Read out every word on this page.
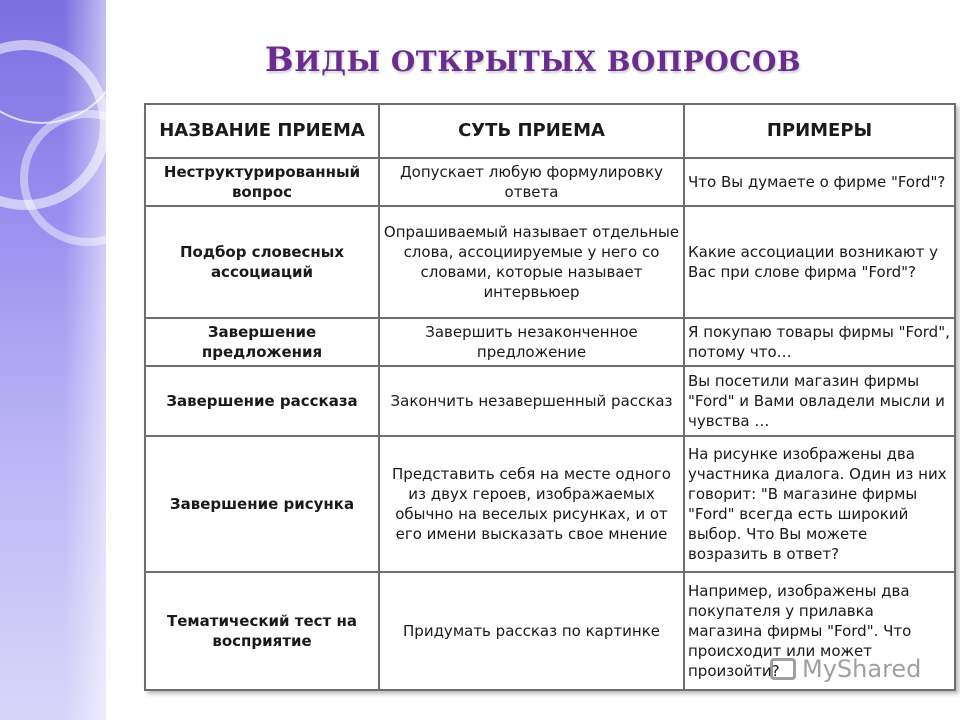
ВИДЫ ОТКРЫТЫХ ВОПРОСОВ
НАЗВАНИЕ ПРИЕМА	СУТЬ ПРИЕМА	ПРИМЕРЫ
Неструктурированный вопрос	Допускает любую формулировку ответа	Что Вы думаете о фирме "Ford"?
Подбор словесных ассоциаций	Опрашиваемый называет отдельные слова, ассоциируемые у него со словами, которые называет интервьюер	Какие ассоциации возникают у Вас при слове фирма "Ford"?
Завершение предложения	Завершить незаконченное предложение	Я покупаю товары фирмы "Ford", потому что…
Завершение рассказа	Закончить незавершенный рассказ	Вы посетили магазин фирмы "Ford" и Вами овладели мысли и чувства …
Завершение рисунка	Представить себя на месте одного из двух героев, изображаемых обычно на веселых рисунках, и от его имени высказать свое мнение	На рисунке изображены два участника диалога. Один из них говорит: "В магазине фирмы "Ford" всегда есть широкий выбор. Что Вы можете возразить в ответ?
Тематический тест на восприятие	Придумать рассказ по картинке	Например, изображены два покупателя у прилавка магазина фирмы "Ford". Что происходит или может произойти? MyShared
